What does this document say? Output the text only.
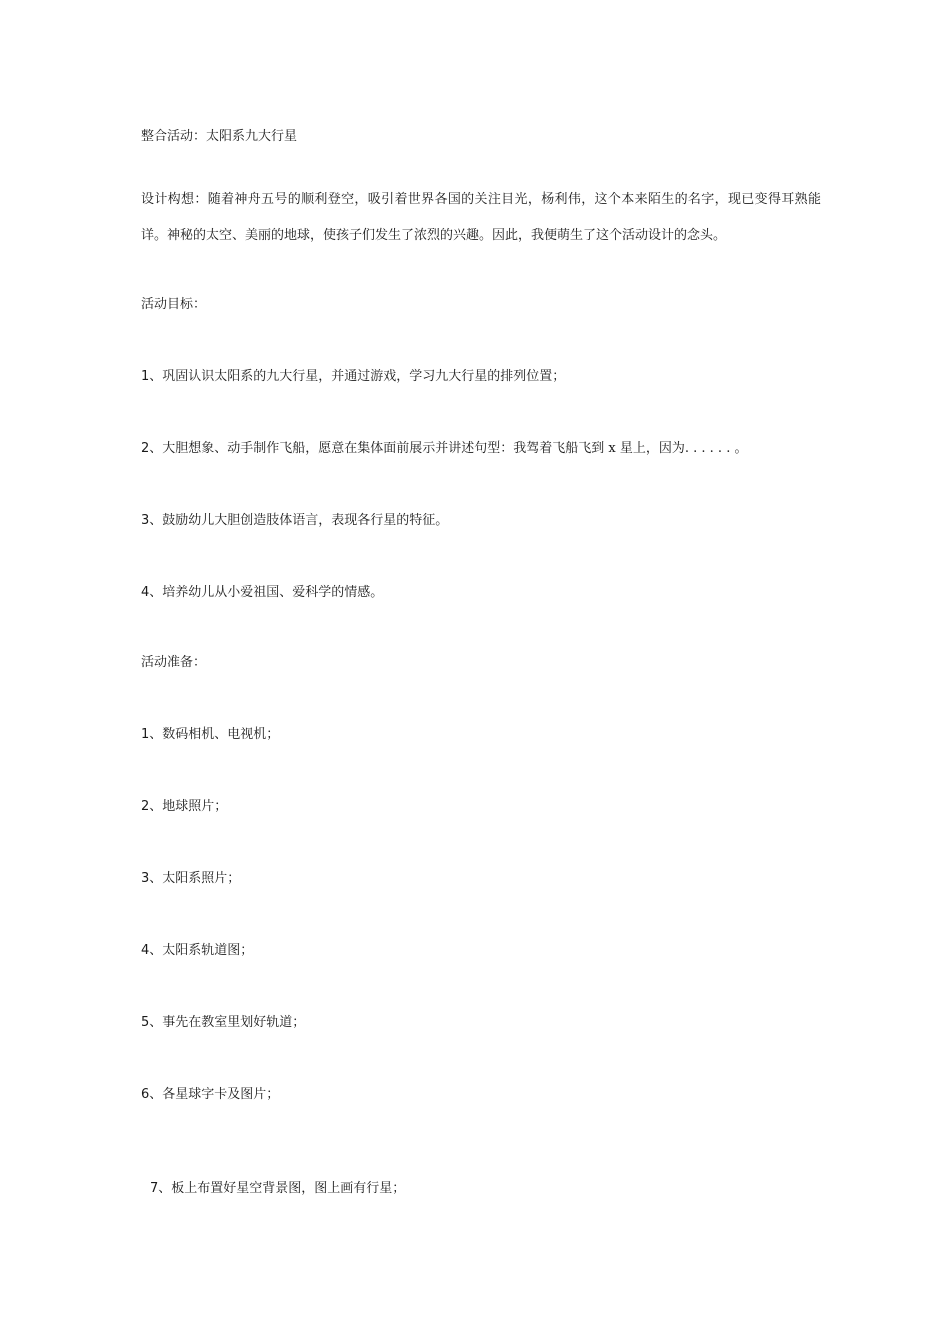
整合活动：太阳系九大行星
设计构想：随着神舟五号的顺利登空，吸引着世界各国的关注目光，杨利伟，这个本来陌生的名字，现已变得耳熟能详。神秘的太空、美丽的地球，使孩子们发生了浓烈的兴趣。因此，我便萌生了这个活动设计的念头。
活动目标：
1、巩固认识太阳系的九大行星，并通过游戏，学习九大行星的排列位置；
2、大胆想象、动手制作飞船，愿意在集体面前展示并讲述句型：我驾着飞船飞到 x 星上，因为. . . . . . 。
3、鼓励幼儿大胆创造肢体语言，表现各行星的特征。
4、培养幼儿从小爱祖国、爱科学的情感。
活动准备：
1、数码相机、电视机；
2、地球照片；
3、太阳系照片；
4、太阳系轨道图；
5、事先在教室里划好轨道；
6、各星球字卡及图片；
7、板上布置好星空背景图，图上画有行星；
